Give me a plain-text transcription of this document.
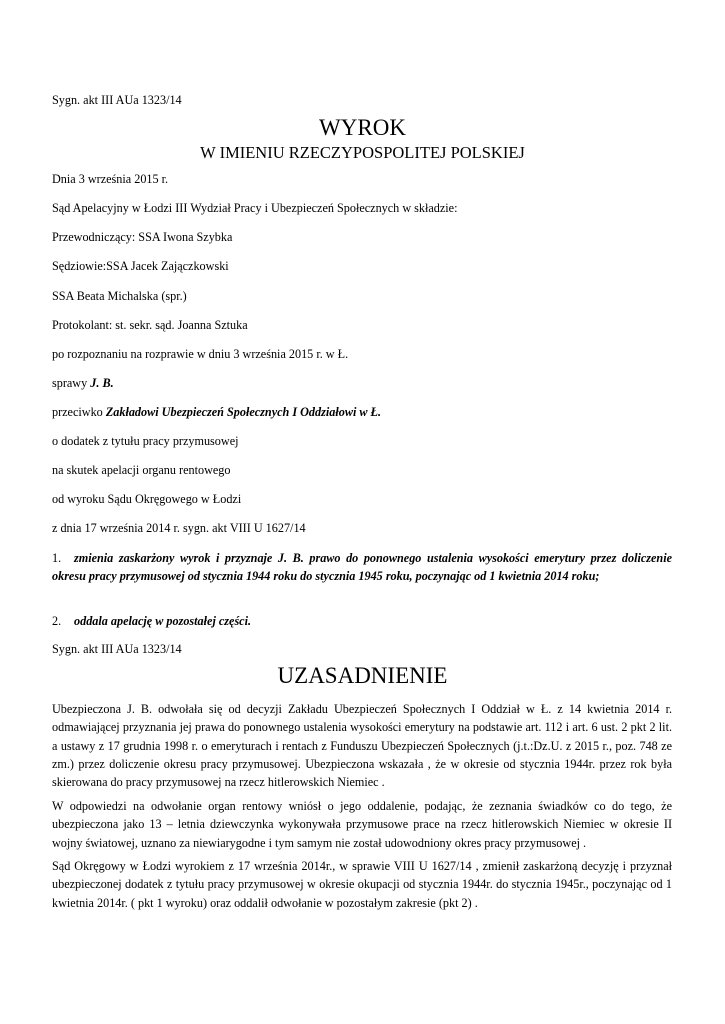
Sygn. akt III AUa 1323/14
WYROK
W IMIENIU RZECZYPOSPOLITEJ POLSKIEJ
Dnia 3 września 2015 r.
Sąd Apelacyjny w Łodzi III Wydział Pracy i Ubezpieczeń Społecznych w składzie:
Przewodniczący: SSA Iwona Szybka
Sędziowie:SSA Jacek Zajączkowski
SSA Beata Michalska (spr.)
Protokolant: st. sekr. sąd. Joanna Sztuka
po rozpoznaniu na rozprawie w dniu 3 września 2015 r. w Ł.
sprawy J. B.
przeciwko Zakładowi Ubezpieczeń Społecznych I Oddziałowi w Ł.
o dodatek z tytułu pracy przymusowej
na skutek apelacji organu rentowego
od wyroku Sądu Okręgowego w Łodzi
z dnia 17 września 2014 r. sygn. akt VIII U 1627/14
1. zmienia zaskarżony wyrok i przyznaje J. B. prawo do ponownego ustalenia wysokości emerytury przez doliczenie okresu pracy przymusowej od stycznia 1944 roku do stycznia 1945 roku, poczynając od 1 kwietnia 2014 roku;
2. oddala apelację w pozostałej części.
Sygn. akt III AUa 1323/14
UZASADNIENIE
Ubezpieczona J. B. odwołała się od decyzji Zakładu Ubezpieczeń Społecznych I Oddział w Ł. z 14 kwietnia 2014 r. odmawiającej przyznania jej prawa do ponownego ustalenia wysokości emerytury na podstawie art. 112 i art. 6 ust. 2 pkt 2 lit. a ustawy z 17 grudnia 1998 r. o emeryturach i rentach z Funduszu Ubezpieczeń Społecznych (j.t.:Dz.U. z 2015 r., poz. 748 ze zm.) przez doliczenie okresu pracy przymusowej. Ubezpieczona wskazała , że w okresie od stycznia 1944r. przez rok była skierowana do pracy przymusowej na rzecz hitlerowskich Niemiec .
W odpowiedzi na odwołanie organ rentowy wniósł o jego oddalenie, podając, że zeznania świadków co do tego, że ubezpieczona jako 13 – letnia dziewczynka wykonywała przymusowe prace na rzecz hitlerowskich Niemiec w okresie II wojny światowej, uznano za niewiarygodne i tym samym nie został udowodniony okres pracy przymusowej .
Sąd Okręgowy w Łodzi wyrokiem z 17 września 2014r., w sprawie VIII U 1627/14 , zmienił zaskarżoną decyzję i przyznał ubezpieczonej dodatek z tytułu pracy przymusowej w okresie okupacji od stycznia 1944r. do stycznia 1945r., poczynając od 1 kwietnia 2014r. ( pkt 1 wyroku) oraz oddalił odwołanie w pozostałym zakresie (pkt 2) .
